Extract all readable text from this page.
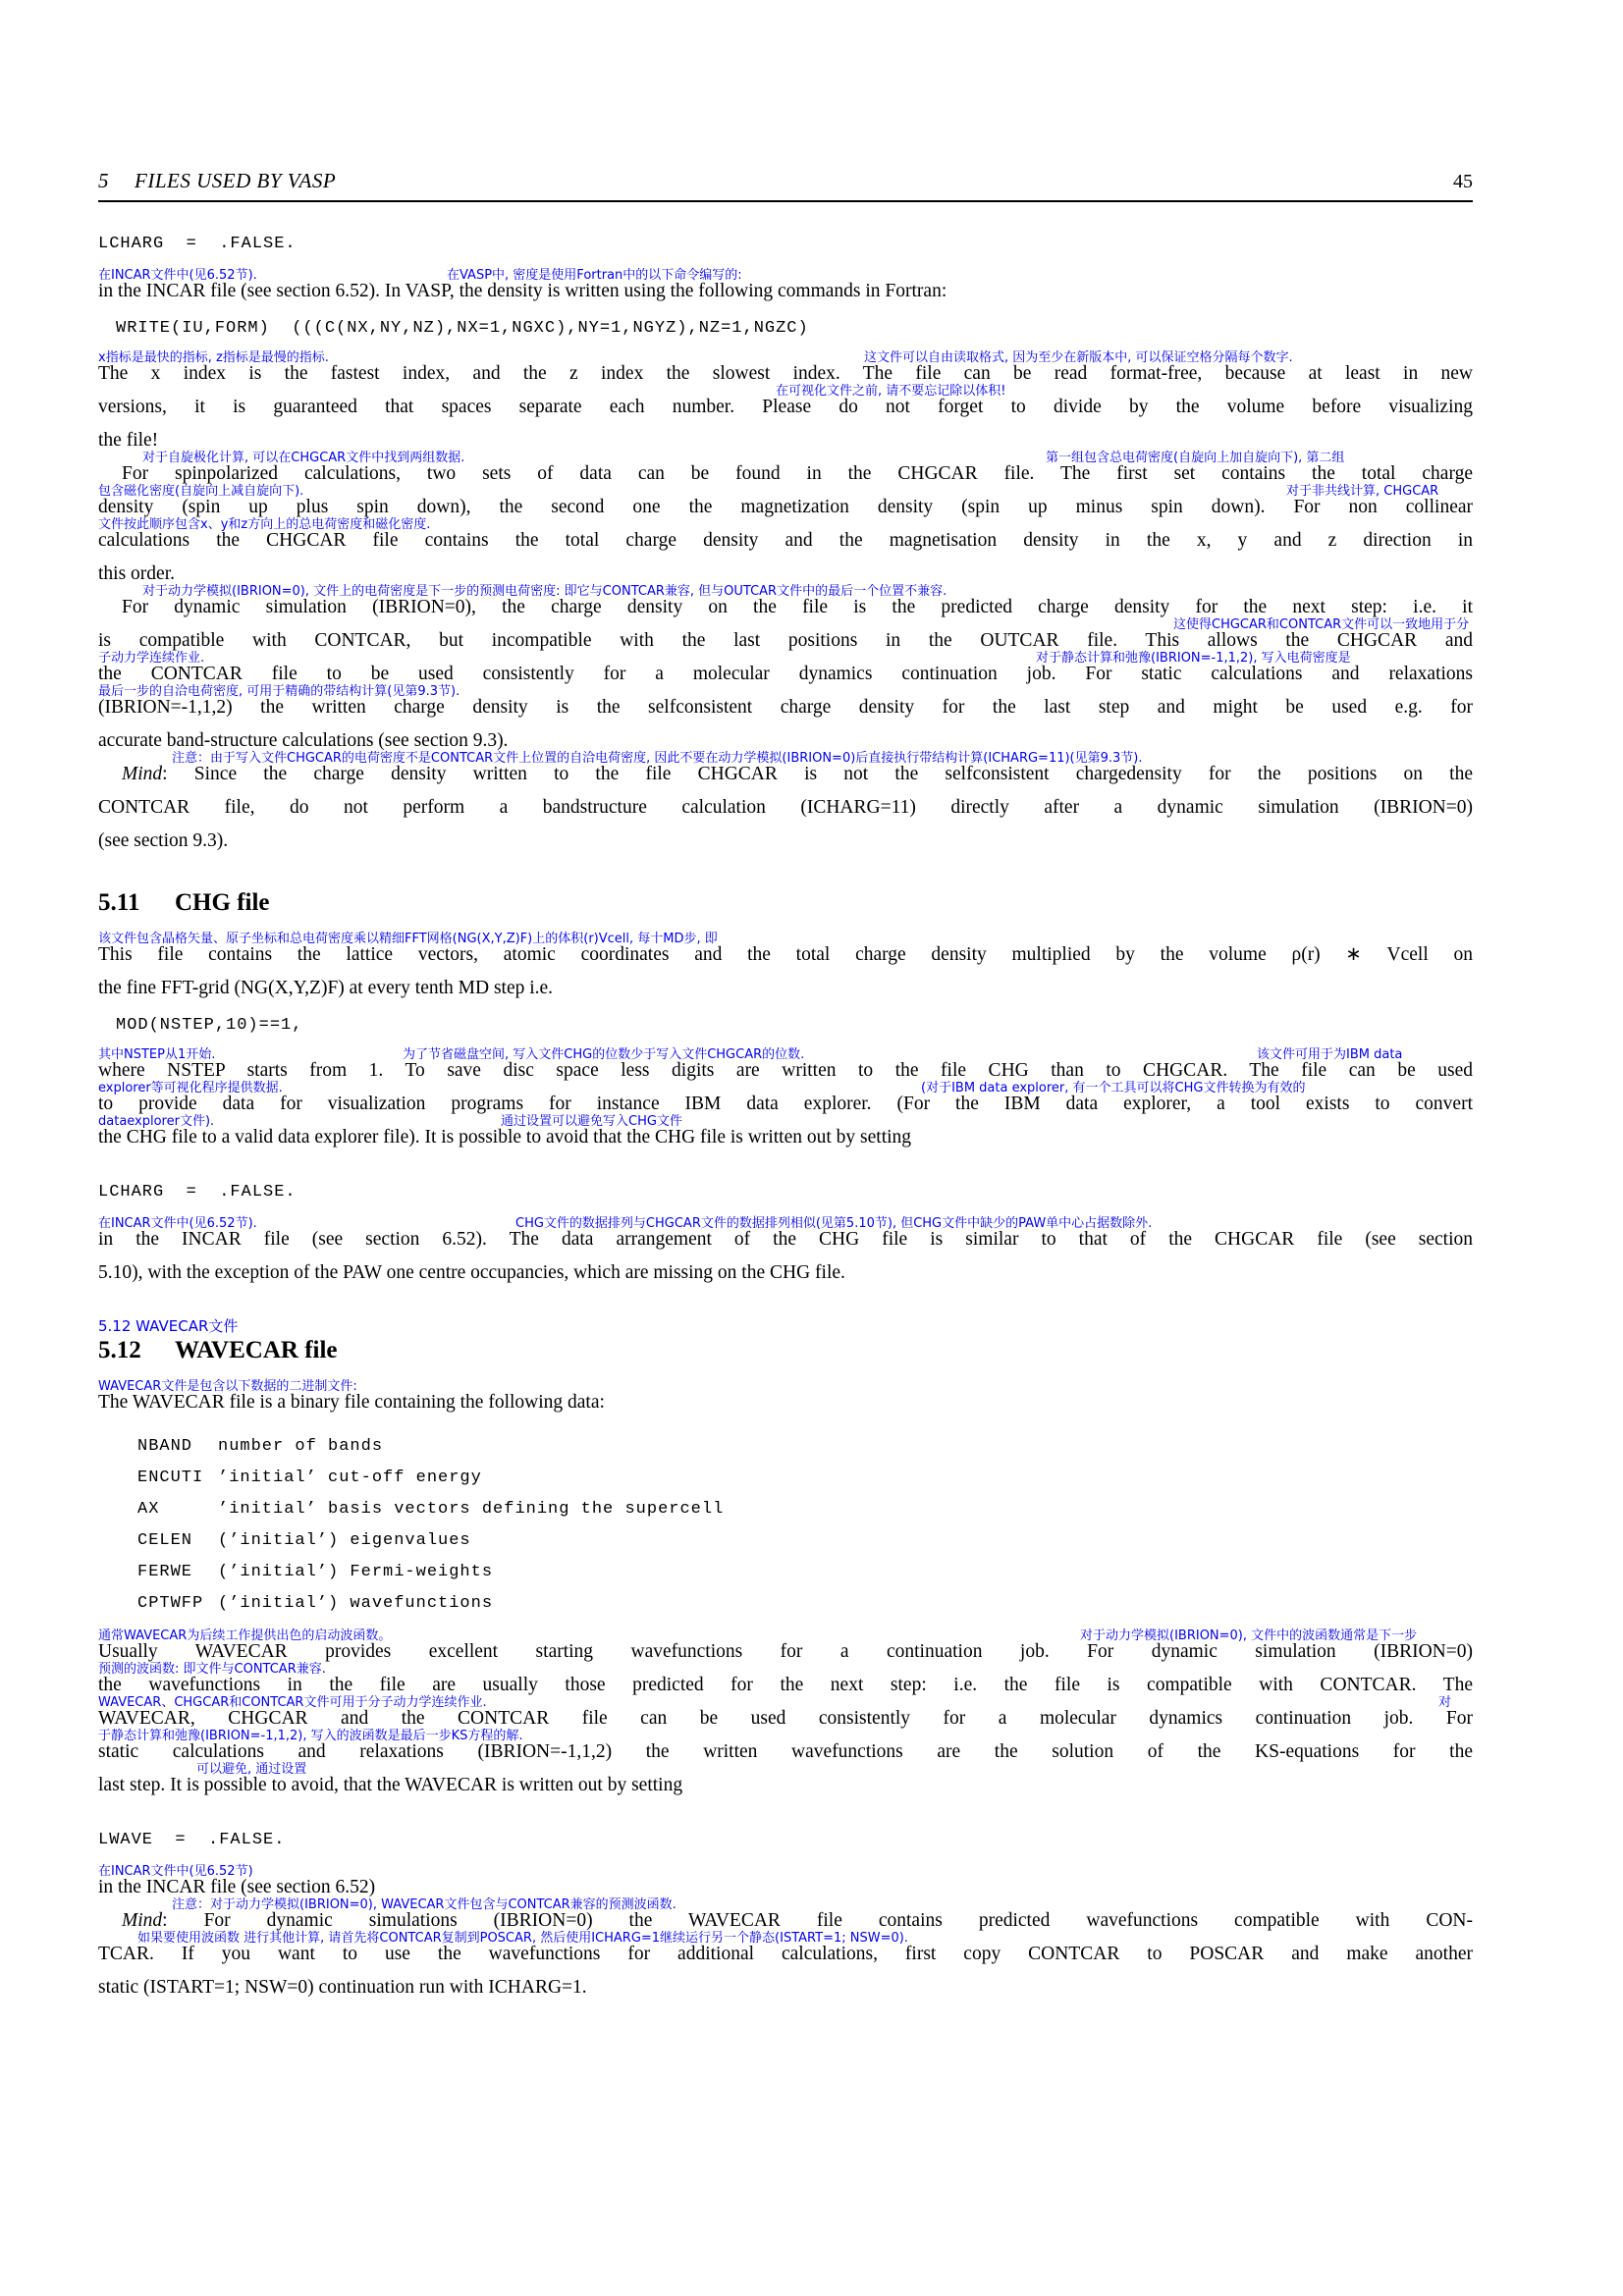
5 FILES USED BY VASP	45
LCHARG  =  .FALSE.
in the INCAR file (see section 6.52). In VASP, the density is written using the following commands in Fortran:
在INCAR文件中(见6.52节).	在VASP中, 密度是使用Fortran中的以下命令编写的:
WRITE(IU,FORM)  (((C(NX,NY,NZ),NX=1,NGXC),NY=1,NGYZ),NZ=1,NGZC)
The x index is the fastest index, and the z index the slowest index. The file can be read format-free, because at least in new
x指标是最快的指标, z指标是最慢的指标.	这文件可以自由读取格式, 因为至少在新版本中, 可以保证空格分隔每个数字.
versions, it is guaranteed that spaces separate each number. Please do not forget to divide by the volume before visualizing
在可视化文件之前, 请不要忘记除以体积!
the file!
For spinpolarized calculations, two sets of data can be found in the CHGCAR file. The first set contains the total charge
对于自旋极化计算, 可以在CHGCAR文件中找到两组数据.	第一组包含总电荷密度(自旋向上加自旋向下), 第二组
density (spin up plus spin down), the second one the magnetization density (spin up minus spin down). For non collinear
包含磁化密度(自旋向上减自旋向下).	对于非共线计算, CHGCAR
calculations the CHGCAR file contains the total charge density and the magnetisation density in the x, y and z direction in
文件按此顺序包含x、y和z方向上的总电荷密度和磁化密度.
this order.
For dynamic simulation (IBRION=0), the charge density on the file is the predicted charge density for the next step: i.e. it
对于动力学模拟(IBRION=0), 文件上的电荷密度是下一步的预测电荷密度: 即它与CONTCAR兼容, 但与OUTCAR文件中的最后一个位置不兼容.
is compatible with CONTCAR, but incompatible with the last positions in the OUTCAR file. This allows the CHGCAR and
这使得CHGCAR和CONTCAR文件可以一致地用于分
the CONTCAR file to be used consistently for a molecular dynamics continuation job. For static calculations and relaxations
子动力学连续作业.	对于静态计算和弛豫(IBRION=-1,1,2), 写入电荷密度是
(IBRION=-1,1,2) the written charge density is the selfconsistent charge density for the last step and might be used e.g. for
最后一步的自洽电荷密度, 可用于精确的带结构计算(见第9.3节).
accurate band-structure calculations (see section 9.3).
Mind: Since the charge density written to the file CHGCAR is not the selfconsistent chargedensity for the positions on the
注意：由于写入文件CHGCAR的电荷密度不是CONTCAR文件上位置的自洽电荷密度, 因此不要在动力学模拟(IBRION=0)后直接执行带结构计算(ICHARG=11)(见第9.3节).
CONTCAR file, do not perform a bandstructure calculation (ICHARG=11) directly after a dynamic simulation (IBRION=0)
(see section 9.3).
5.11 CHG file
This file contains the lattice vectors, atomic coordinates and the total charge density multiplied by the volume ρ(r) ∗ Vcell on
该文件包含晶格矢量、原子坐标和总电荷密度乘以精细FFT网格(NG(X,Y,Z)F)上的体积(r)Vcell, 每十MD步, 即
the fine FFT-grid (NG(X,Y,Z)F) at every tenth MD step i.e.
MOD(NSTEP,10)==1,
where NSTEP starts from 1. To save disc space less digits are written to the file CHG than to CHGCAR. The file can be used
其中NSTEP从1开始.	为了节省磁盘空间, 写入文件CHG的位数少于写入文件CHGCAR的位数.	该文件可用于为IBM data
to provide data for visualization programs for instance IBM data explorer. (For the IBM data explorer, a tool exists to convert
explorer等可视化程序提供数据.	(对于IBM data explorer, 有一个工具可以将CHG文件转换为有效的
the CHG file to a valid data explorer file). It is possible to avoid that the CHG file is written out by setting
dataexplorer文件).	通过设置可以避免写入CHG文件
LCHARG  =  .FALSE.
in the INCAR file (see section 6.52). The data arrangement of the CHG file is similar to that of the CHGCAR file (see section
在INCAR文件中(见6.52节).	CHG文件的数据排列与CHGCAR文件的数据排列相似(见第5.10节), 但CHG文件中缺少的PAW单中心占据数除外.
5.10), with the exception of the PAW one centre occupancies, which are missing on the CHG file.
5.12 WAVECAR文件
5.12 WAVECAR file
The WAVECAR file is a binary file containing the following data:
WAVECAR文件是包含以下数据的二进制文件:
NBAND	number of bands
ENCUTI ’initial’ cut-off energy
AX	’initial’ basis vectors defining the supercell
CELEN	(’initial’) eigenvalues
FERWE	(’initial’) Fermi-weights
CPTWFP (’initial’) wavefunctions
Usually WAVECAR provides excellent starting wavefunctions for a continuation job. For dynamic simulation (IBRION=0)
通常WAVECAR为后续工作提供出色的启动波函数。	对于动力学模拟(IBRION=0), 文件中的波函数通常是下一步
the wavefunctions in the file are usually those predicted for the next step: i.e. the file is compatible with CONTCAR. The
预测的波函数: 即文件与CONTCAR兼容.
WAVECAR, CHGCAR and the CONTCAR file can be used consistently for a molecular dynamics continuation job. For
WAVECAR、CHGCAR和CONTCAR文件可用于分子动力学连续作业.	对
static calculations and relaxations (IBRION=-1,1,2) the written wavefunctions are the solution of the KS-equations for the
于静态计算和弛豫(IBRION=-1,1,2), 写入的波函数是最后一步KS方程的解.
last step. It is possible to avoid, that the WAVECAR is written out by setting
可以避免, 通过设置
LWAVE  =  .FALSE.
in the INCAR file (see section 6.52)
在INCAR文件中(见6.52节)
Mind: For dynamic simulations (IBRION=0) the WAVECAR file contains predicted wavefunctions compatible with CON-
注意：对于动力学模拟(IBRION=0), WAVECAR文件包含与CONTCAR兼容的预测波函数.
TCAR. If you want to use the wavefunctions for additional calculations, first copy CONTCAR to POSCAR and make another
如果要使用波函数 进行其他计算, 请首先将CONTCAR复制到POSCAR, 然后使用ICHARG=1继续运行另一个静态(ISTART=1; NSW=0).
static (ISTART=1; NSW=0) continuation run with ICHARG=1.
